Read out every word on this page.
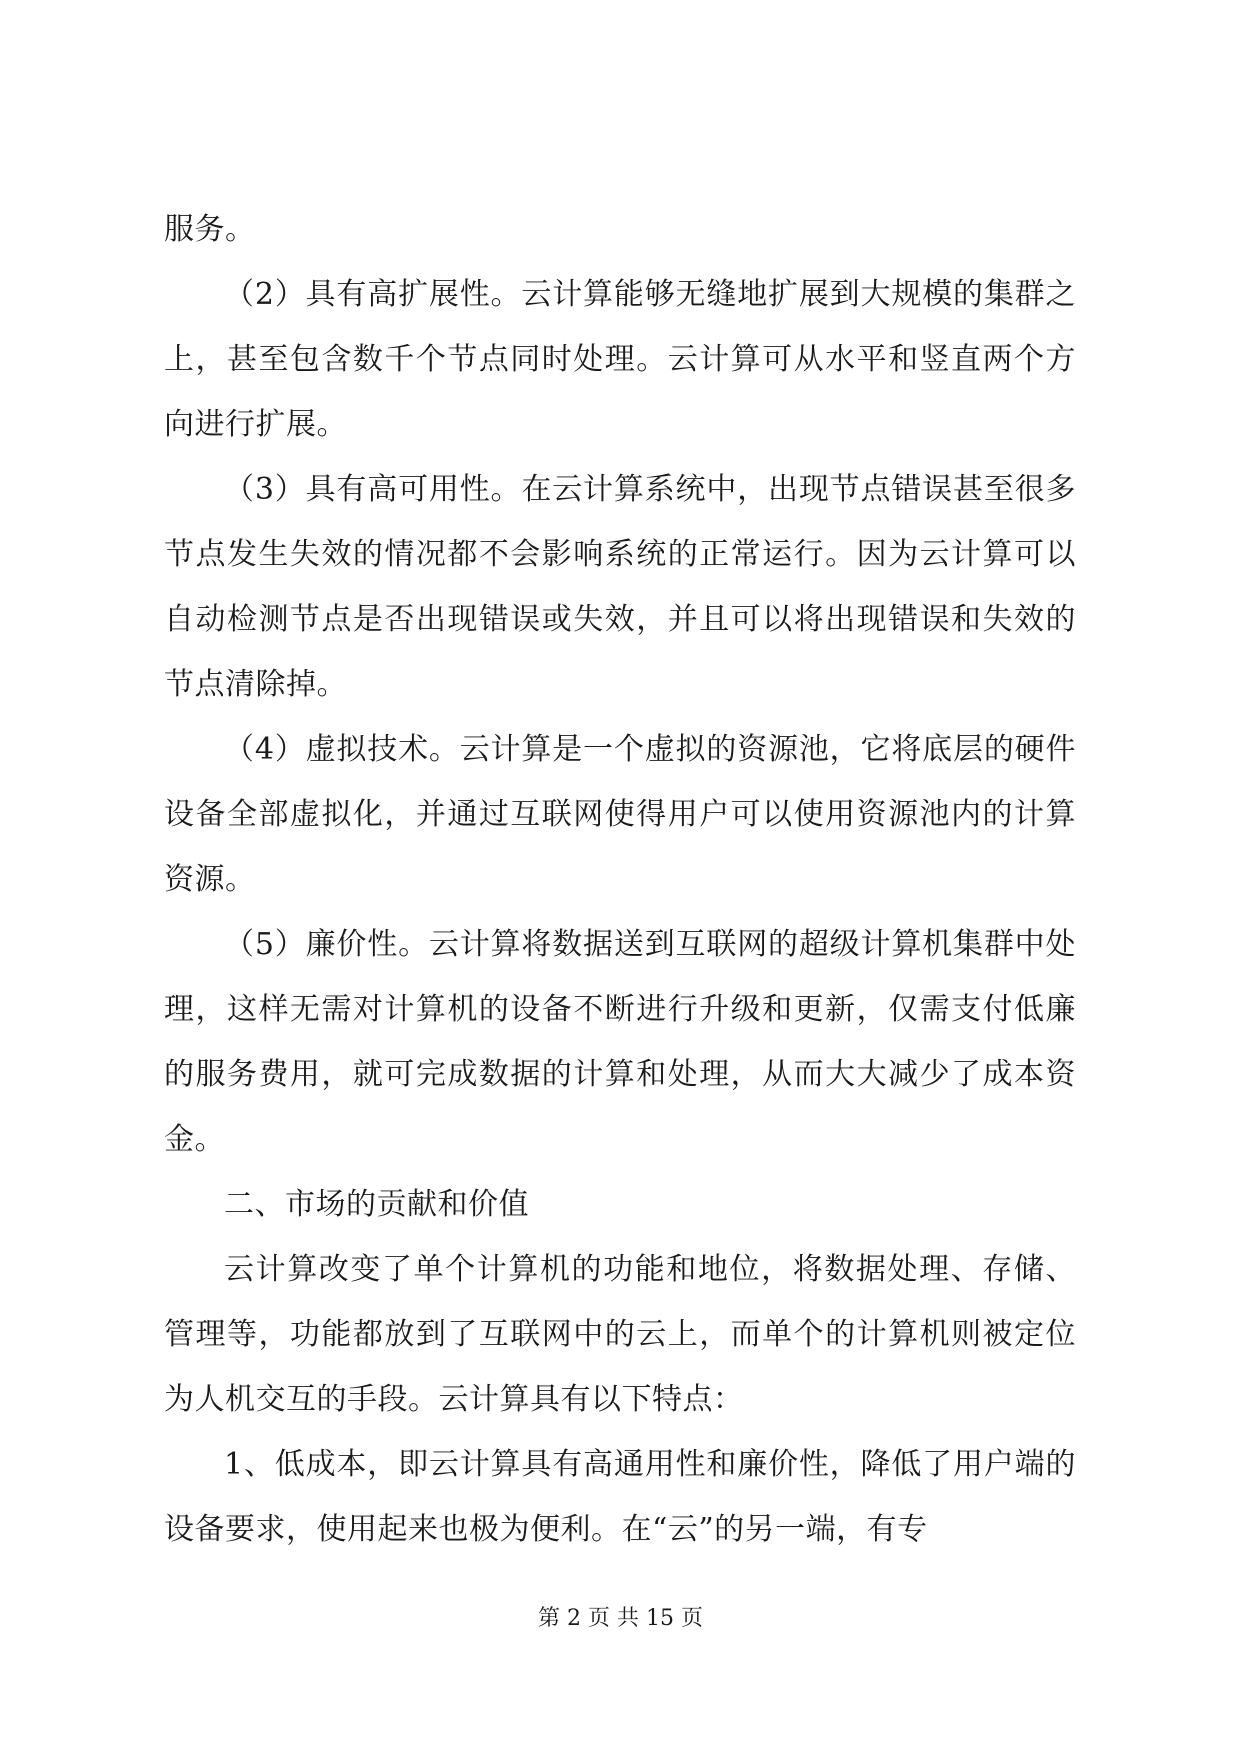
服务。

（2）具有高扩展性。云计算能够无缝地扩展到大规模的集群之上，甚至包含数千个节点同时处理。云计算可从水平和竖直两个方向进行扩展。

（3）具有高可用性。在云计算系统中，出现节点错误甚至很多节点发生失效的情况都不会影响系统的正常运行。因为云计算可以自动检测节点是否出现错误或失效，并且可以将出现错误和失效的节点清除掉。

（4）虚拟技术。云计算是一个虚拟的资源池，它将底层的硬件设备全部虚拟化，并通过互联网使得用户可以使用资源池内的计算资源。

（5）廉价性。云计算将数据送到互联网的超级计算机集群中处理，这样无需对计算机的设备不断进行升级和更新，仅需支付低廉的服务费用，就可完成数据的计算和处理，从而大大减少了成本资金。

二、市场的贡献和价值

云计算改变了单个计算机的功能和地位，将数据处理、存储、管理等，功能都放到了互联网中的云上，而单个的计算机则被定位为人机交互的手段。云计算具有以下特点：

1、低成本，即云计算具有高通用性和廉价性，降低了用户端的设备要求，使用起来也极为便利。在“云”的另一端，有专

第 2 页 共 15 页
